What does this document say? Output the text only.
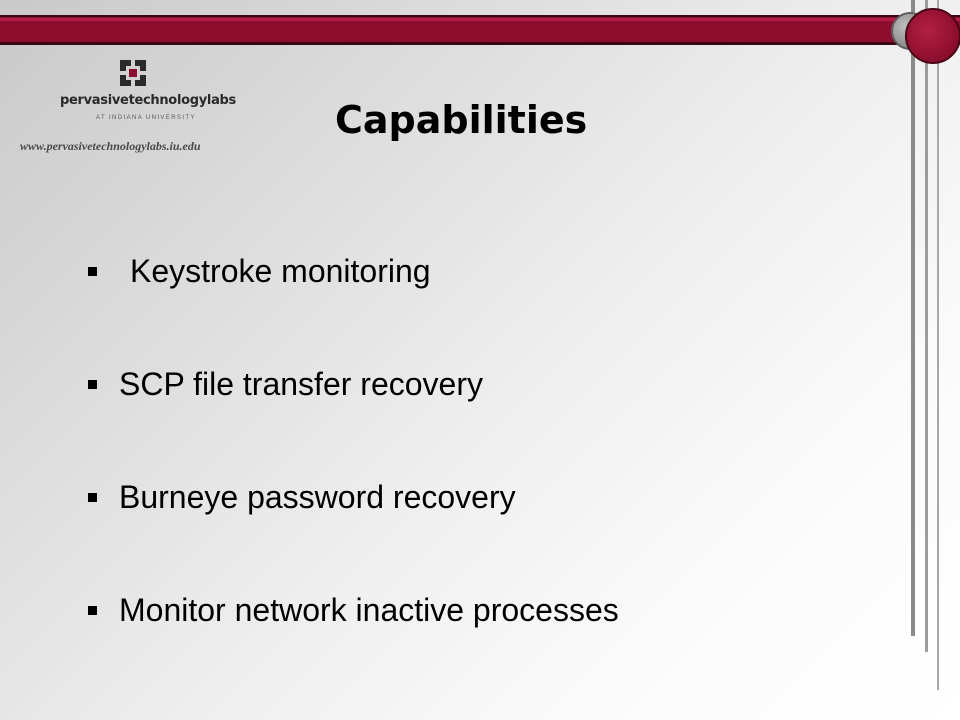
pervasivetechnologylabs
AT INDIANA UNIVERSITY
www.pervasivetechnologylabs.iu.edu
Capabilities
Keystroke monitoring
SCP file transfer recovery
Burneye password recovery
Monitor network inactive processes
